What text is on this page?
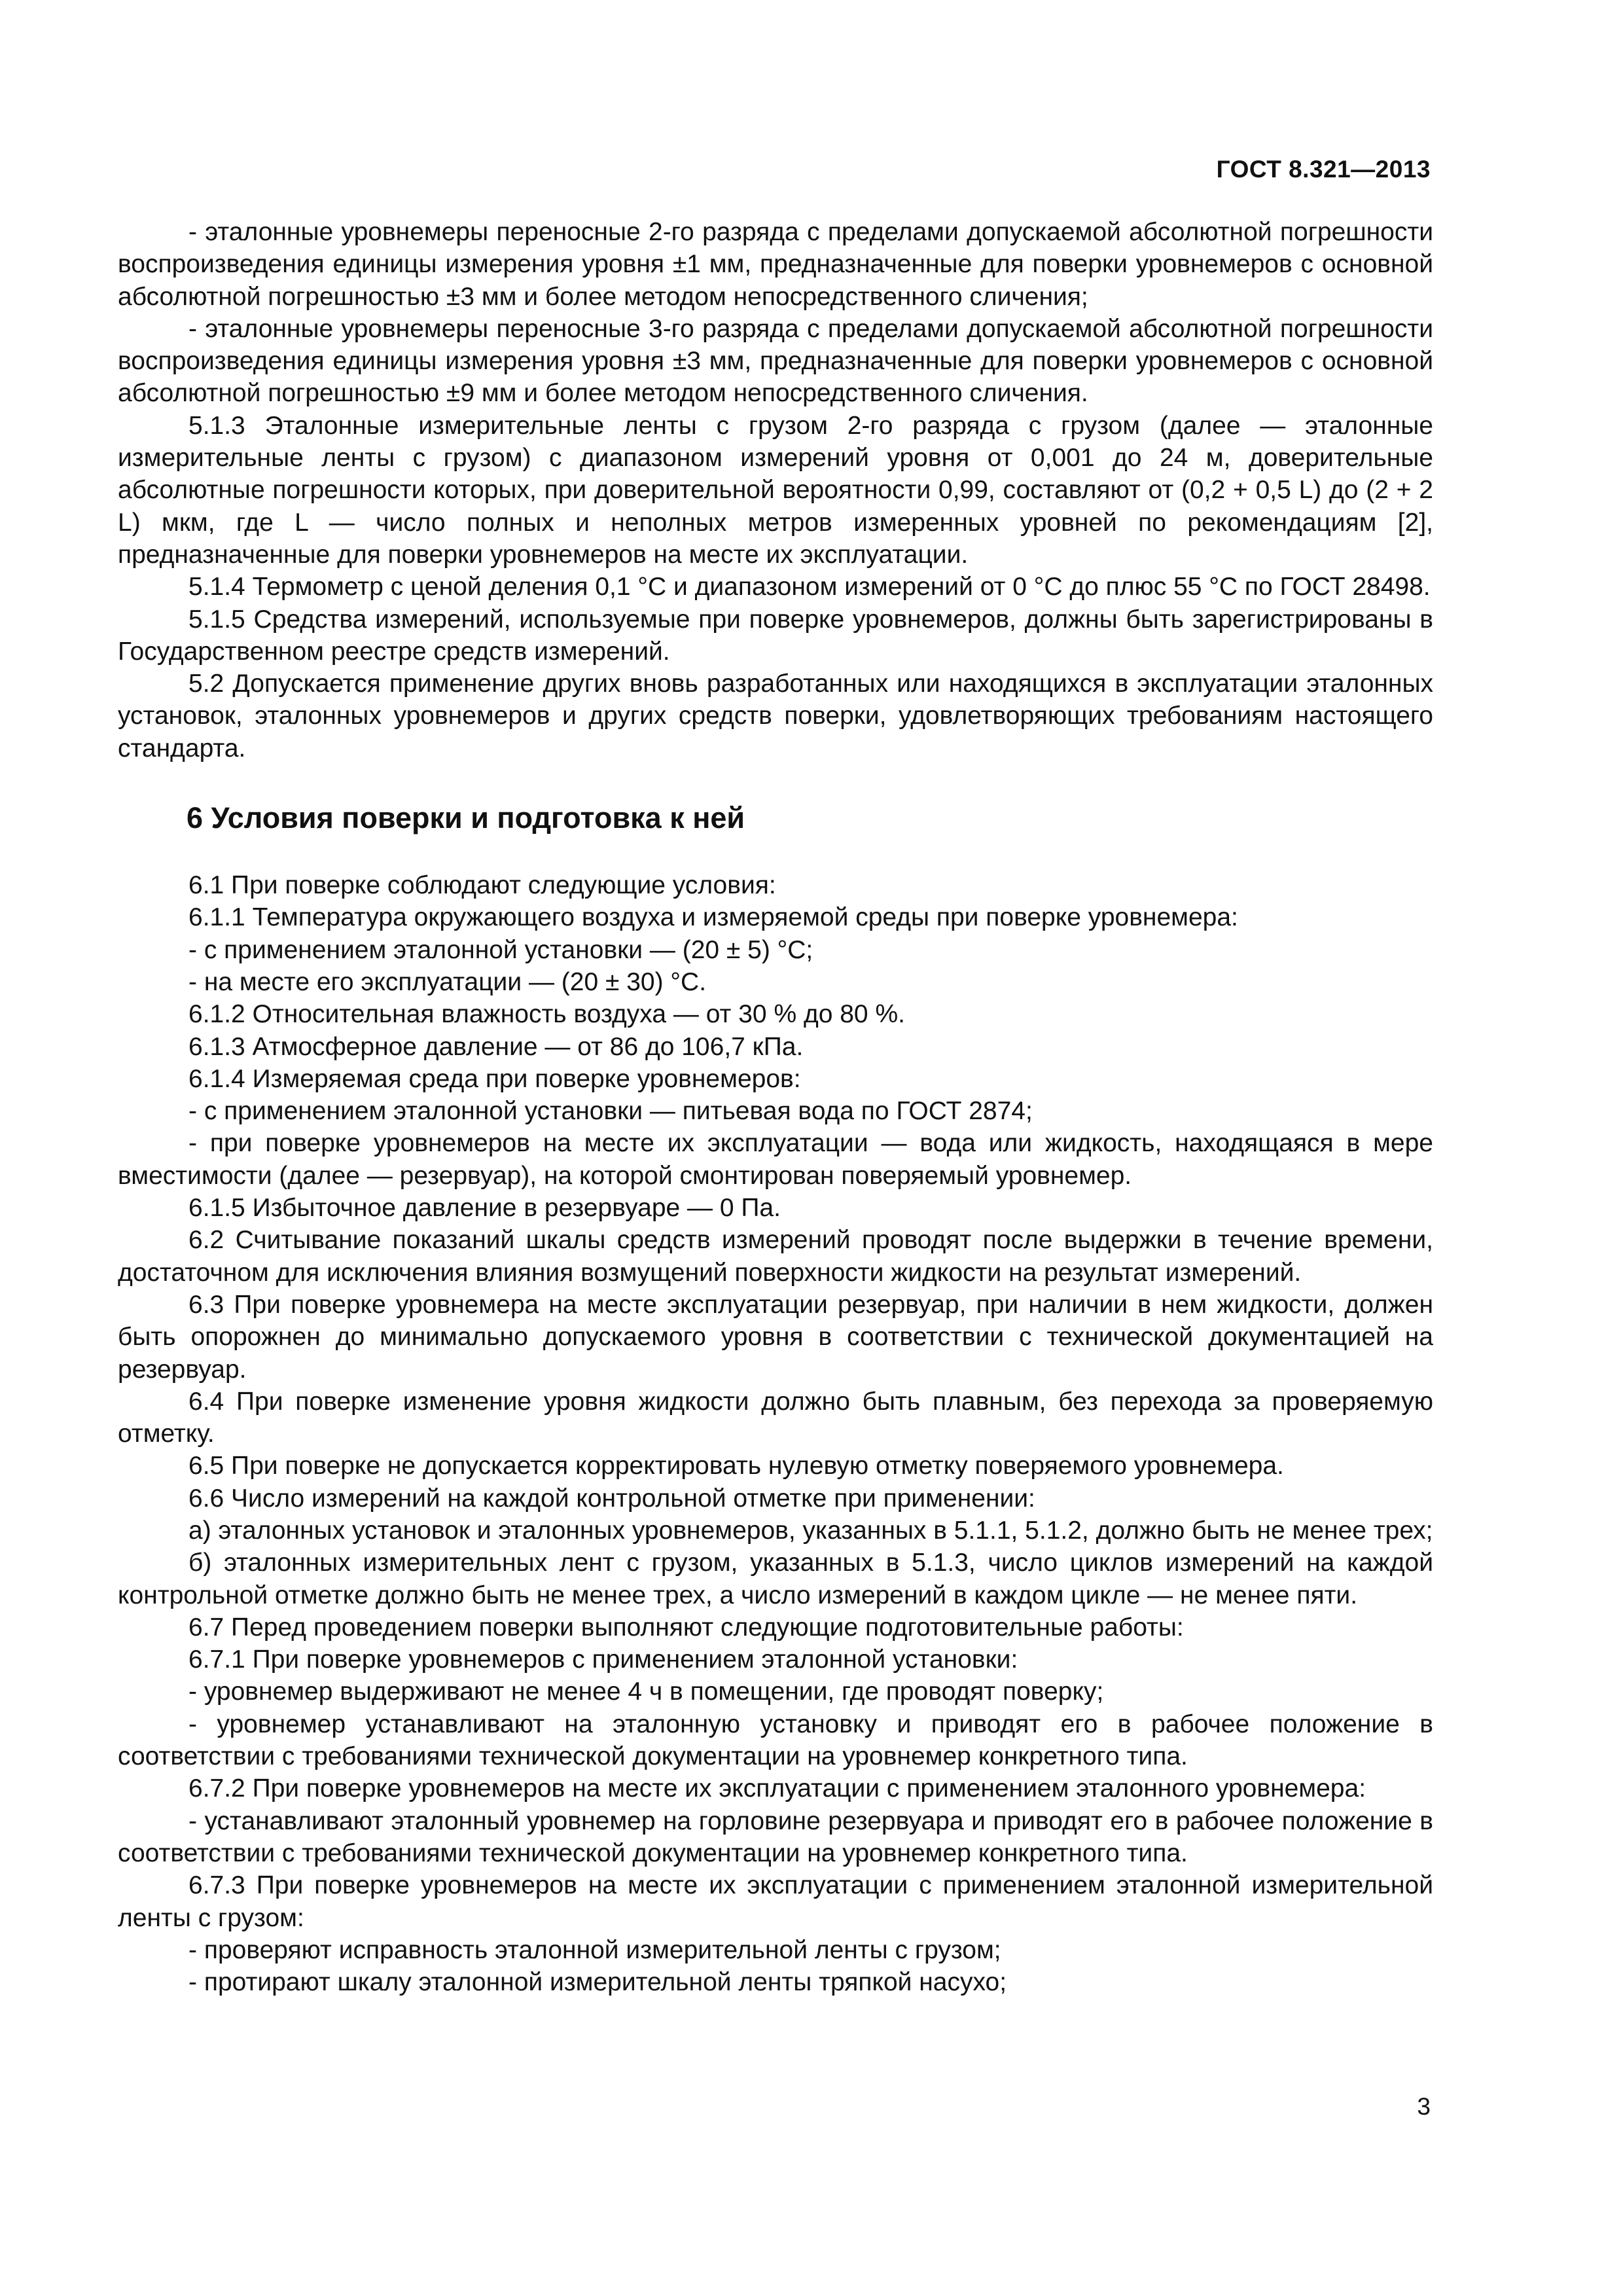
ГОСТ 8.321—2013

- эталонные уровнемеры переносные 2-го разряда с пределами допускаемой абсолютной погрешности воспроизведения единицы измерения уровня ±1 мм, предназначенные для поверки уровнемеров с основной абсолютной погрешностью ±3 мм и более методом непосредственного сличения;

- эталонные уровнемеры переносные 3-го разряда с пределами допускаемой абсолютной погрешности воспроизведения единицы измерения уровня ±3 мм, предназначенные для поверки уровнемеров с основной абсолютной погрешностью ±9 мм и более методом непосредственного сличения.

5.1.3 Эталонные измерительные ленты с грузом 2-го разряда с грузом (далее — эталонные измерительные ленты с грузом) с диапазоном измерений уровня от 0,001 до 24 м, доверительные абсолютные погрешности которых, при доверительной вероятности 0,99, составляют от (0,2 + 0,5 L) до (2 + 2 L) мкм, где L — число полных и неполных метров измеренных уровней по рекомендациям [2], предназначенные для поверки уровнемеров на месте их эксплуатации.

5.1.4 Термометр с ценой деления 0,1 °С и диапазоном измерений от 0 °С до плюс 55 °С по ГОСТ 28498.

5.1.5 Средства измерений, используемые при поверке уровнемеров, должны быть зарегистрированы в Государственном реестре средств измерений.

5.2 Допускается применение других вновь разработанных или находящихся в эксплуатации эталонных установок, эталонных уровнемеров и других средств поверки, удовлетворяющих требованиям настоящего стандарта.

6 Условия поверки и подготовка к ней

6.1 При поверке соблюдают следующие условия:

6.1.1 Температура окружающего воздуха и измеряемой среды при поверке уровнемера:

- с применением эталонной установки — (20 ± 5) °С;

- на месте его эксплуатации — (20 ± 30) °С.

6.1.2 Относительная влажность воздуха — от 30 % до 80 %.

6.1.3 Атмосферное давление — от 86 до 106,7 кПа.

6.1.4 Измеряемая среда при поверке уровнемеров:

- с применением эталонной установки — питьевая вода по ГОСТ 2874;

- при поверке уровнемеров на месте их эксплуатации — вода или жидкость, находящаяся в мере вместимости (далее — резервуар), на которой смонтирован поверяемый уровнемер.

6.1.5 Избыточное давление в резервуаре — 0 Па.

6.2 Считывание показаний шкалы средств измерений проводят после выдержки в течение времени, достаточном для исключения влияния возмущений поверхности жидкости на результат измерений.

6.3 При поверке уровнемера на месте эксплуатации резервуар, при наличии в нем жидкости, должен быть опорожнен до минимально допускаемого уровня в соответствии с технической документацией на резервуар.

6.4 При поверке изменение уровня жидкости должно быть плавным, без перехода за проверяемую отметку.

6.5 При поверке не допускается корректировать нулевую отметку поверяемого уровнемера.

6.6 Число измерений на каждой контрольной отметке при применении:

а) эталонных установок и эталонных уровнемеров, указанных в 5.1.1, 5.1.2, должно быть не менее трех;

б) эталонных измерительных лент с грузом, указанных в 5.1.3, число циклов измерений на каждой контрольной отметке должно быть не менее трех, а число измерений в каждом цикле — не менее пяти.

6.7 Перед проведением поверки выполняют следующие подготовительные работы:

6.7.1 При поверке уровнемеров с применением эталонной установки:

- уровнемер выдерживают не менее 4 ч в помещении, где проводят поверку;

- уровнемер устанавливают на эталонную установку и приводят его в рабочее положение в соответствии с требованиями технической документации на уровнемер конкретного типа.

6.7.2 При поверке уровнемеров на месте их эксплуатации с применением эталонного уровнемера:

- устанавливают эталонный уровнемер на горловине резервуара и приводят его в рабочее положение в соответствии с требованиями технической документации на уровнемер конкретного типа.

6.7.3 При поверке уровнемеров на месте их эксплуатации с применением эталонной измерительной ленты с грузом:

- проверяют исправность эталонной измерительной ленты с грузом;

- протирают шкалу эталонной измерительной ленты тряпкой насухо;

3
